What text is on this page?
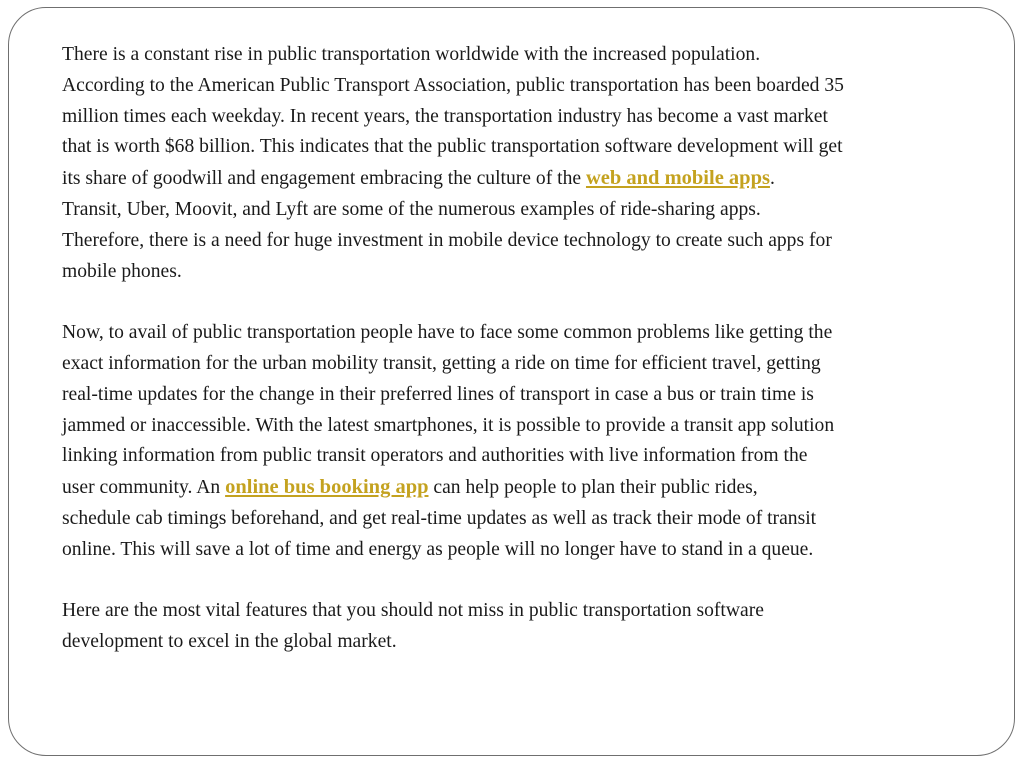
There is a constant rise in public transportation worldwide with the increased population.
According to the American Public Transport Association, public transportation has been boarded 35
million times each weekday. In recent years, the transportation industry has become a vast market
that is worth $68 billion. This indicates that the public transportation software development will get
its share of goodwill and engagement embracing the culture of the web and mobile apps.
Transit, Uber, Moovit, and Lyft are some of the numerous examples of ride-sharing apps.
Therefore, there is a need for huge investment in mobile device technology to create such apps for
mobile phones.

Now, to avail of public transportation people have to face some common problems like getting the
exact information for the urban mobility transit, getting a ride on time for efficient travel, getting
real-time updates for the change in their preferred lines of transport in case a bus or train time is
jammed or inaccessible. With the latest smartphones, it is possible to provide a transit app solution
linking information from public transit operators and authorities with live information from the
user community. An online bus booking app can help people to plan their public rides,
schedule cab timings beforehand, and get real-time updates as well as track their mode of transit
online. This will save a lot of time and energy as people will no longer have to stand in a queue.

Here are the most vital features that you should not miss in public transportation software
development to excel in the global market.
